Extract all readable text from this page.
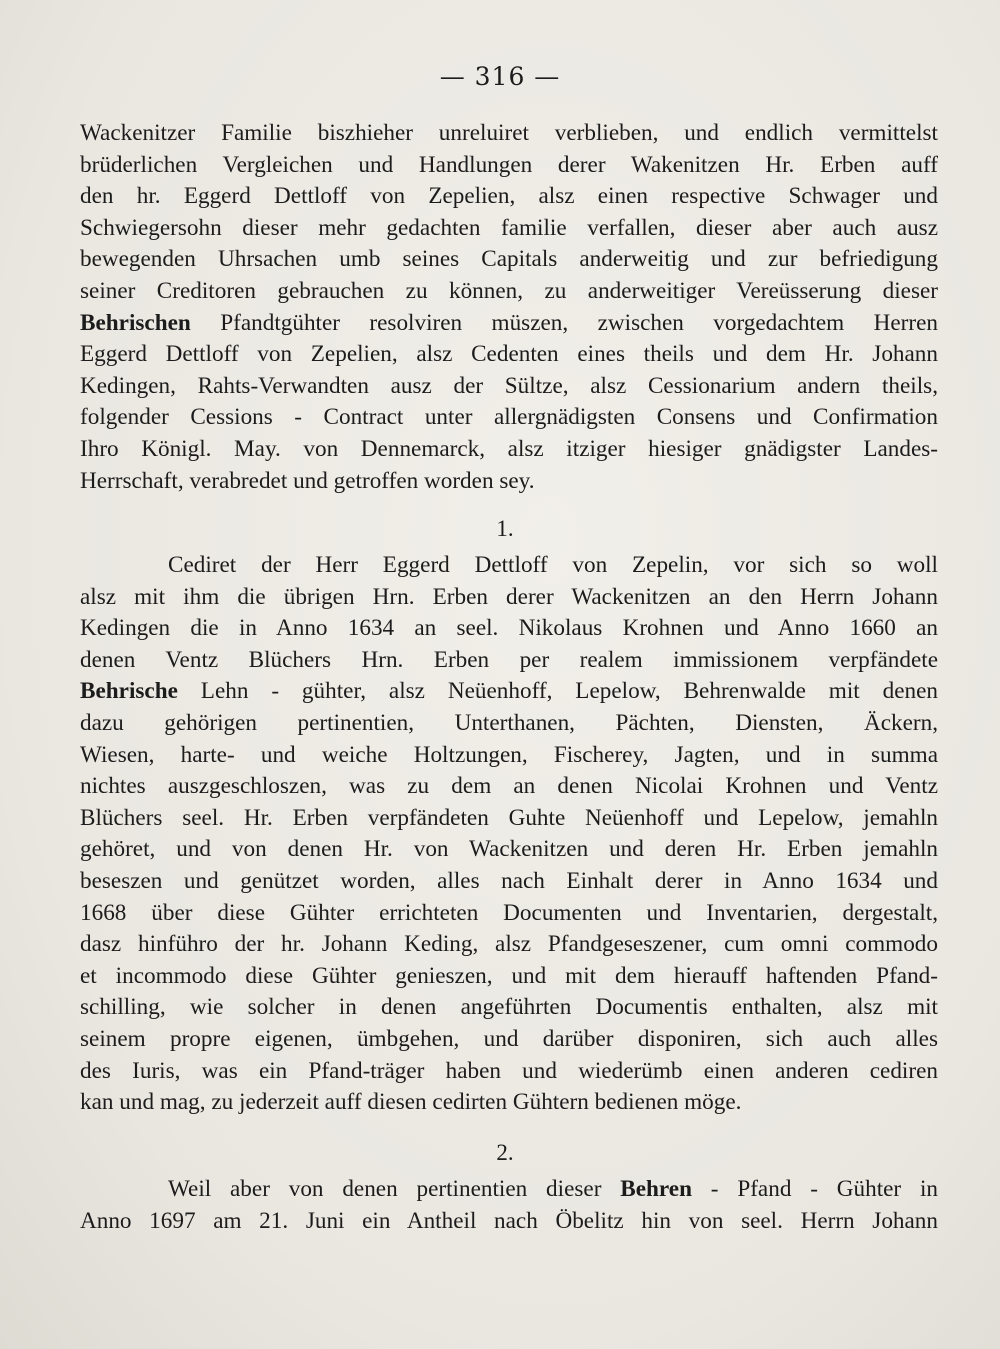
— 316 —
Wackenitzer Familie biszhieher unreluiret verblieben, und endlich vermittelst
brüderlichen Vergleichen und Handlungen derer Wakenitzen Hr. Erben auff
den hr. Eggerd Dettloff von Zepelien, alsz einen respective Schwager und
Schwiegersohn dieser mehr gedachten familie verfallen, dieser aber auch ausz
bewegenden Uhrsachen umb seines Capitals anderweitig und zur befriedigung
seiner Creditoren gebrauchen zu können, zu anderweitiger Vereüsserung dieser
Behrischen Pfandtgühter resolviren müszen, zwischen vorgedachtem Herren
Eggerd Dettloff von Zepelien, alsz Cedenten eines theils und dem Hr. Johann
Kedingen, Rahts-Verwandten ausz der Sültze, alsz Cessionarium andern theils,
folgender Cessions - Contract unter allergnädigsten Consens und Confirmation
Ihro Königl. May. von Dennemarck, alsz itziger hiesiger gnädigster Landes-
Herrschaft, verabredet und getroffen worden sey.
1.
Cediret der Herr Eggerd Dettloff von Zepelin, vor sich so woll
alsz mit ihm die übrigen Hrn. Erben derer Wackenitzen an den Herrn Johann
Kedingen die in Anno 1634 an seel. Nikolaus Krohnen und Anno 1660 an
denen Ventz Blüchers Hrn. Erben per realem immissionem verpfändete
Behrische Lehn - gühter, alsz Neüenhoff, Lepelow, Behrenwalde mit denen
dazu gehörigen pertinentien, Unterthanen, Pächten, Diensten, Äckern,
Wiesen, harte- und weiche Holtzungen, Fischerey, Jagten, und in summa
nichtes auszgeschloszen, was zu dem an denen Nicolai Krohnen und Ventz
Blüchers seel. Hr. Erben verpfändeten Guhte Neüenhoff und Lepelow, jemahln
gehöret, und von denen Hr. von Wackenitzen und deren Hr. Erben jemahln
beseszen und genützet worden, alles nach Einhalt derer in Anno 1634 und
1668 über diese Gühter errichteten Documenten und Inventarien, dergestalt,
dasz hinführo der hr. Johann Keding, alsz Pfandgeseszener, cum omni commodo
et incommodo diese Gühter genieszen, und mit dem hierauff haftenden Pfand-
schilling, wie solcher in denen angeführten Documentis enthalten, alsz mit
seinem propre eigenen, ümbgehen, und darüber disponiren, sich auch alles
des Iuris, was ein Pfand-träger haben und wiederümb einen anderen cediren
kan und mag, zu jederzeit auff diesen cedirten Gühtern bedienen möge.
2.
Weil aber von denen pertinentien dieser Behren - Pfand - Gühter in
Anno 1697 am 21. Juni ein Antheil nach Öbelitz hin von seel. Herrn Johann
